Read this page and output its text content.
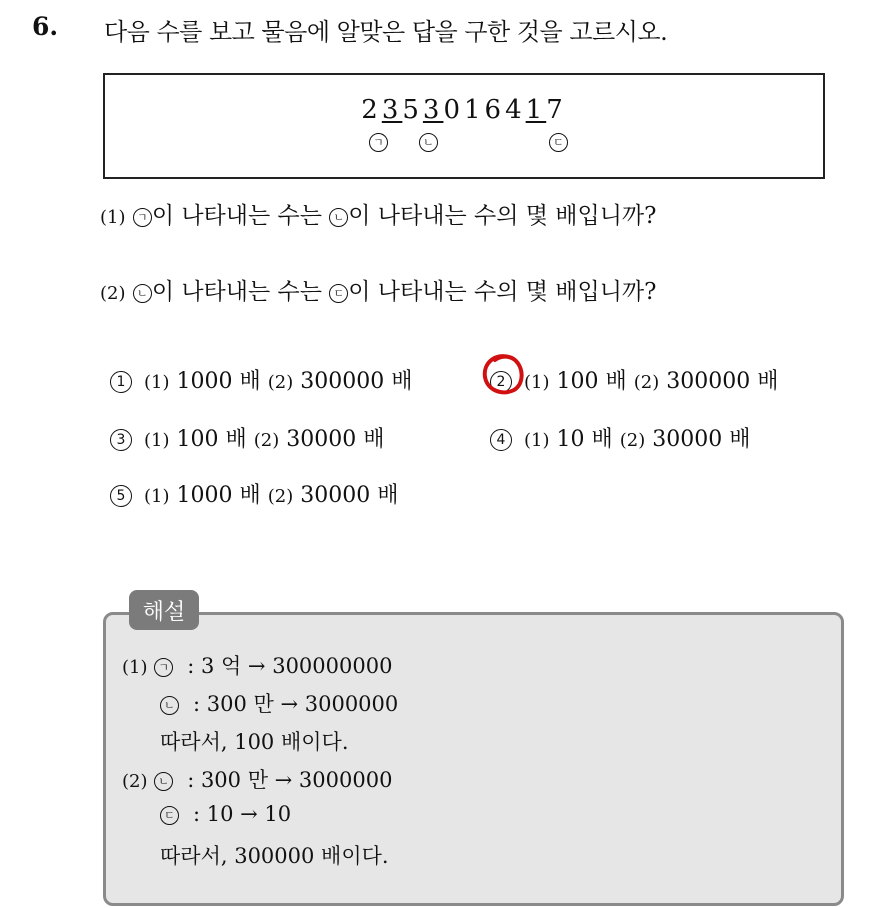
6. 다음 수를 보고 물음에 알맞은 답을 구한 것을 고르시오.
2353016417
ㄱ	ㄴ	ㄷ
(1) ㄱ 이 나타내는 수는 ㄴ 이 나타내는 수의 몇 배입니까?
(2) ㄴ 이 나타내는 수는 ㄷ 이 나타내는 수의 몇 배입니까?
1 (1) 1000 배 (2) 300000 배	2 (1) 100 배 (2) 300000 배
3 (1) 100 배 (2) 30000 배	4 (1) 10 배 (2) 30000 배
5 (1) 1000 배 (2) 30000 배
해설
(1) ㄱ : 3 억 → 300000000
ㄴ : 300 만 → 3000000
따라서, 100 배이다.
(2) ㄴ : 300 만 → 3000000
ㄷ : 10 → 10
따라서, 300000 배이다.
